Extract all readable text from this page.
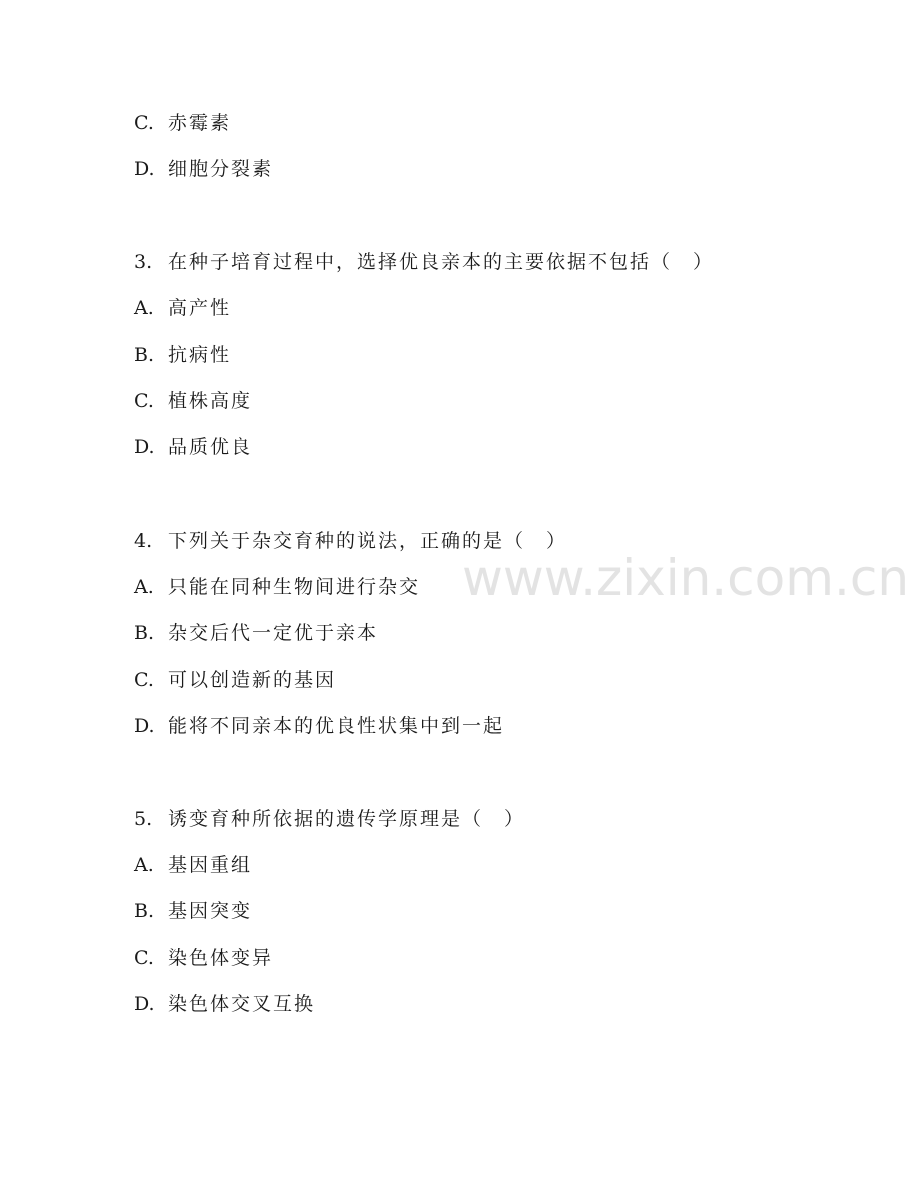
www.zixin.com.cn
C. 赤霉素
D. 细胞分裂素
3. 在种子培育过程中，选择优良亲本的主要依据不包括（　）
A. 高产性
B. 抗病性
C. 植株高度
D. 品质优良
4. 下列关于杂交育种的说法，正确的是（　）
A. 只能在同种生物间进行杂交
B. 杂交后代一定优于亲本
C. 可以创造新的基因
D. 能将不同亲本的优良性状集中到一起
5. 诱变育种所依据的遗传学原理是（　）
A. 基因重组
B. 基因突变
C. 染色体变异
D. 染色体交叉互换
